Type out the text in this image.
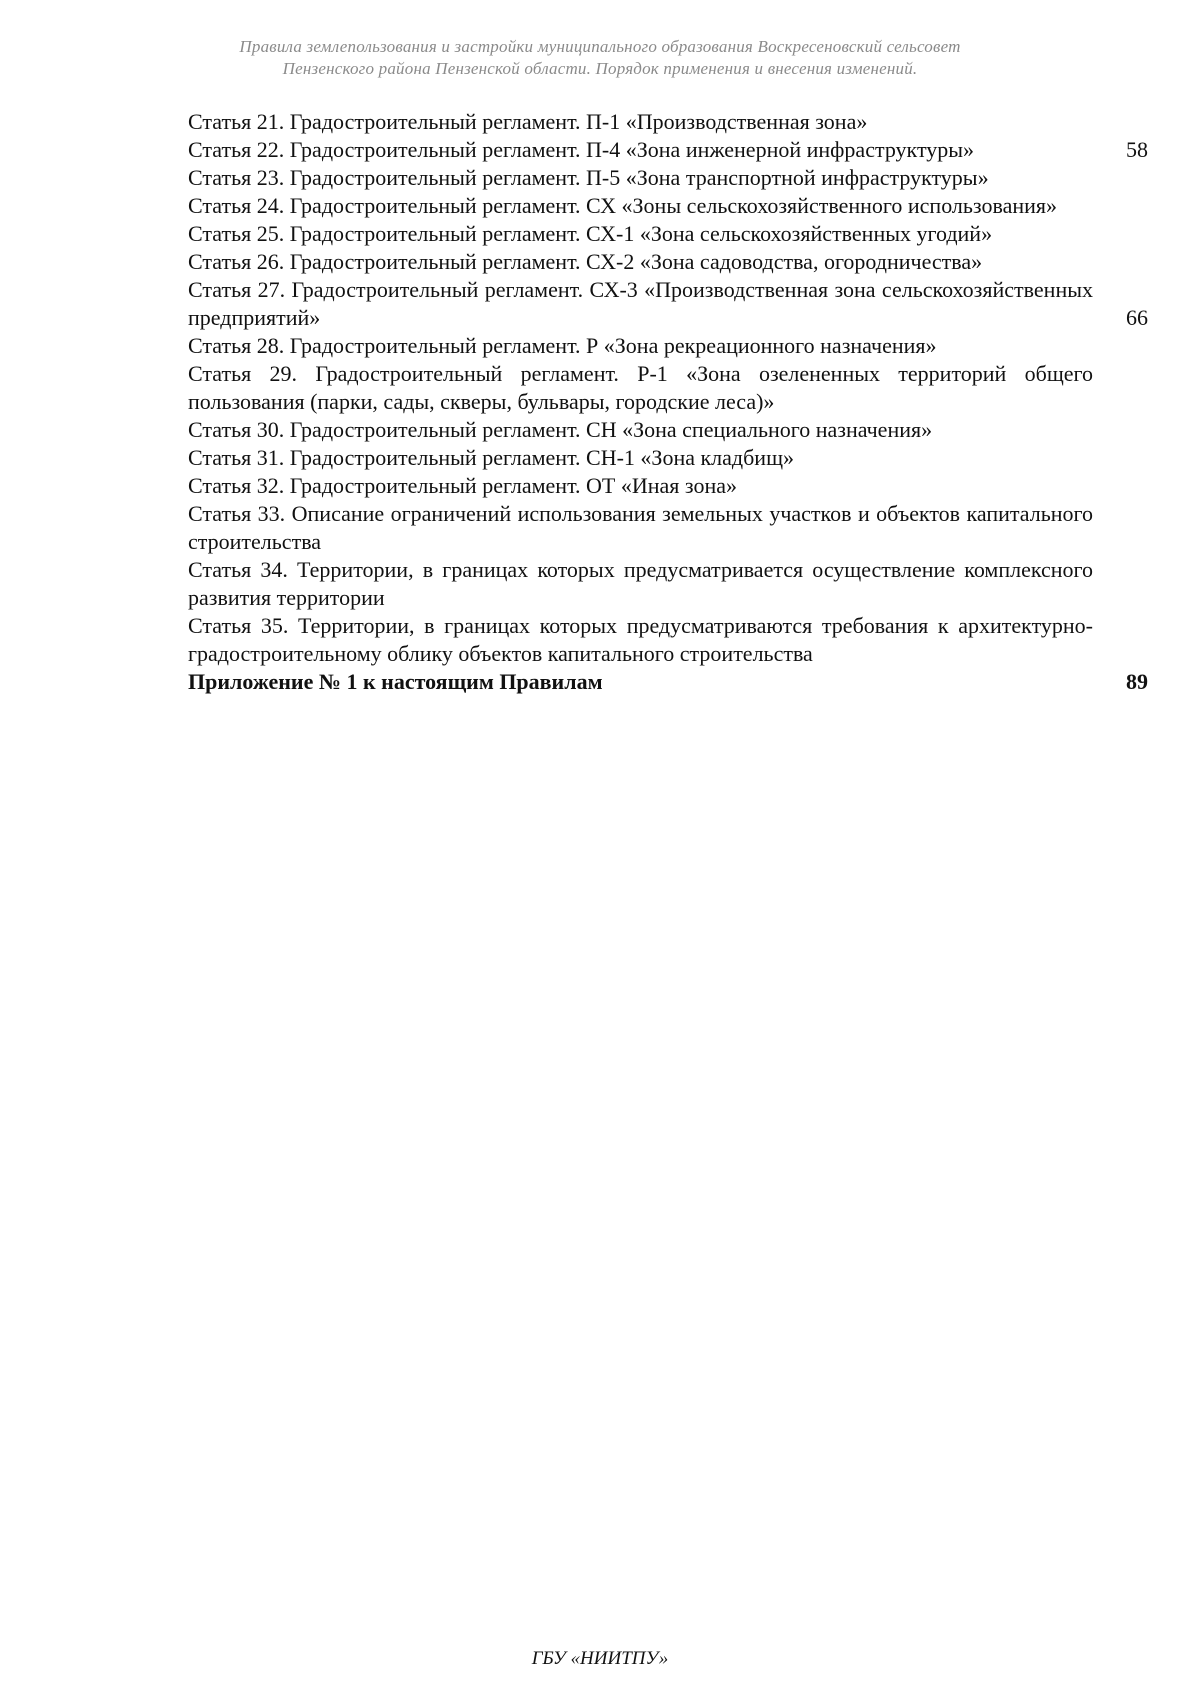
Правила землепользования и застройки муниципального образования Воскресеновский сельсовет
Пензенского района Пензенской области. Порядок применения и внесения изменений.
Статья 21. Градостроительный регламент. П-1 «Производственная зона»
Статья 22. Градостроительный регламент. П-4 «Зона инженерной инфраструктуры»	58
Статья 23. Градостроительный регламент. П-5 «Зона транспортной инфраструктуры»
Статья 24. Градостроительный регламент. СХ «Зоны сельскохозяйственного использования»
Статья 25. Градостроительный регламент. СХ-1 «Зона сельскохозяйственных угодий»
Статья 26. Градостроительный регламент. СХ-2 «Зона садоводства, огородничества»
Статья 27. Градостроительный регламент. СХ-3 «Производственная зона сельскохозяйственных предприятий»	66
Статья 28. Градостроительный регламент. Р «Зона рекреационного назначения»
Статья 29. Градостроительный регламент. Р-1 «Зона озелененных территорий общего пользования (парки, сады, скверы, бульвары, городские леса)»
Статья 30. Градостроительный регламент. СН «Зона специального назначения»
Статья 31. Градостроительный регламент. СН-1 «Зона кладбищ»
Статья 32. Градостроительный регламент. ОТ «Иная зона»
Статья 33. Описание ограничений использования земельных участков и объектов капитального строительства
Статья 34. Территории, в границах которых предусматривается осуществление комплексного развития территории
Статья 35. Территории, в границах которых предусматриваются требования к архитектурно-градостроительному облику объектов капитального строительства
Приложение № 1 к настоящим Правилам	89
ГБУ «НИИТПУ»
